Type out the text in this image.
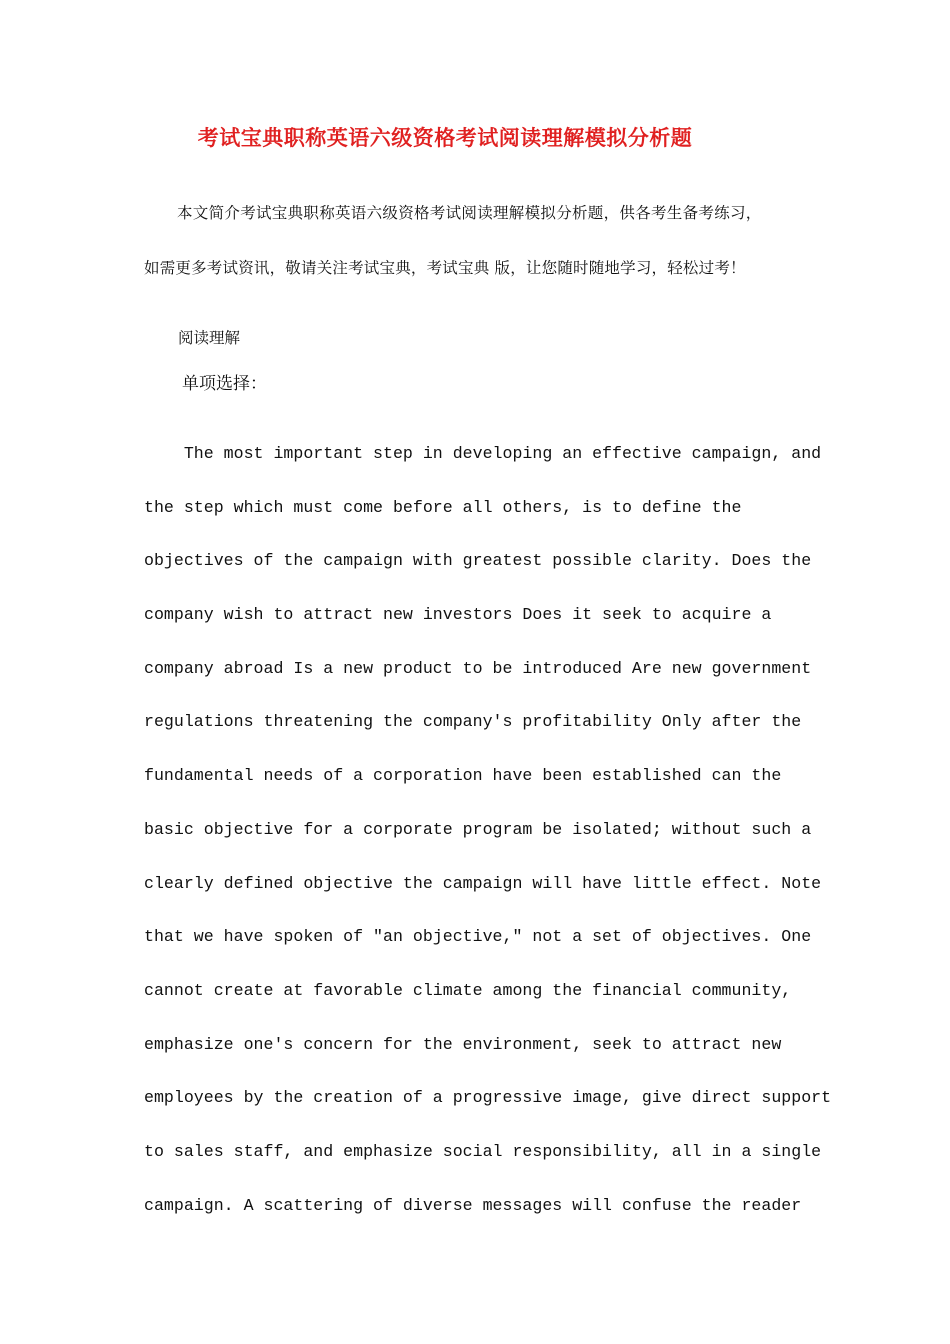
考试宝典职称英语六级资格考试阅读理解模拟分析题
本文简介考试宝典职称英语六级资格考试阅读理解模拟分析题，供各考生备考练习，
如需更多考试资讯，敬请关注考试宝典，考试宝典 版，让您随时随地学习，轻松过考！
阅读理解
单项选择：
The most important step in developing an effective campaign, and
the step which must come before all others, is to define the
objectives of the campaign with greatest possible clarity. Does the
company wish to attract new investors Does it seek to acquire a
company abroad Is a new product to be introduced Are new government
regulations threatening the company's profitability Only after the
fundamental needs of a corporation have been established can the
basic objective for a corporate program be isolated; without such a
clearly defined objective the campaign will have little effect. Note
that we have spoken of "an objective," not a set of objectives. One
cannot create at favorable climate among the financial community,
emphasize one's concern for the environment, seek to attract new
employees by the creation of a progressive image, give direct support
to sales staff, and emphasize social responsibility, all in a single
campaign. A scattering of diverse messages will confuse the reader
